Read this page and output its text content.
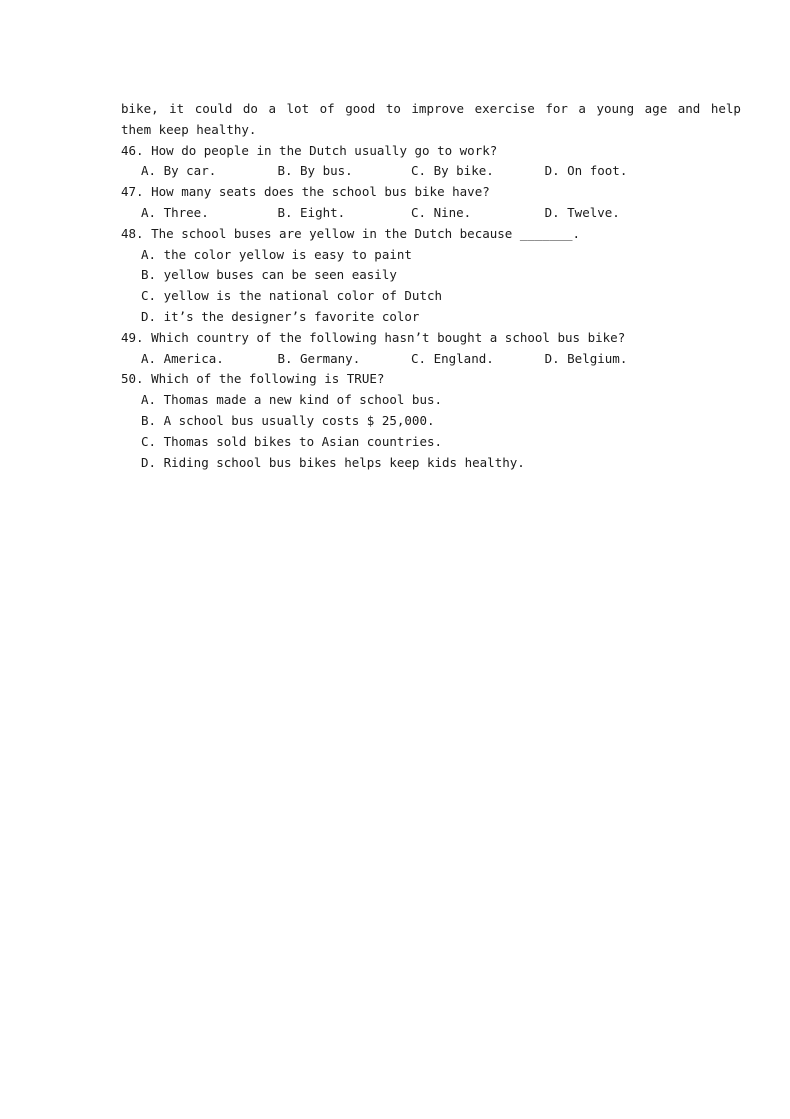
bike, it could do a lot of good to improve exercise for a young age and help
them keep healthy.
46. How do people in the Dutch usually go to work?
A. By car.	B. By bus.	C. By bike.	D. On foot.
47. How many seats does the school bus bike have?
A. Three.	B. Eight.	C. Nine.	D. Twelve.
48. The school buses are yellow in the Dutch because _______.
A. the color yellow is easy to paint
B. yellow buses can be seen easily
C. yellow is the national color of Dutch
D. it’s the designer’s favorite color
49. Which country of the following hasn’t bought a school bus bike?
A. America.	B. Germany.	C. England.	D. Belgium.
50. Which of the following is TRUE?
A. Thomas made a new kind of school bus.
B. A school bus usually costs $ 25,000.
C. Thomas sold bikes to Asian countries.
D. Riding school bus bikes helps keep kids healthy.
